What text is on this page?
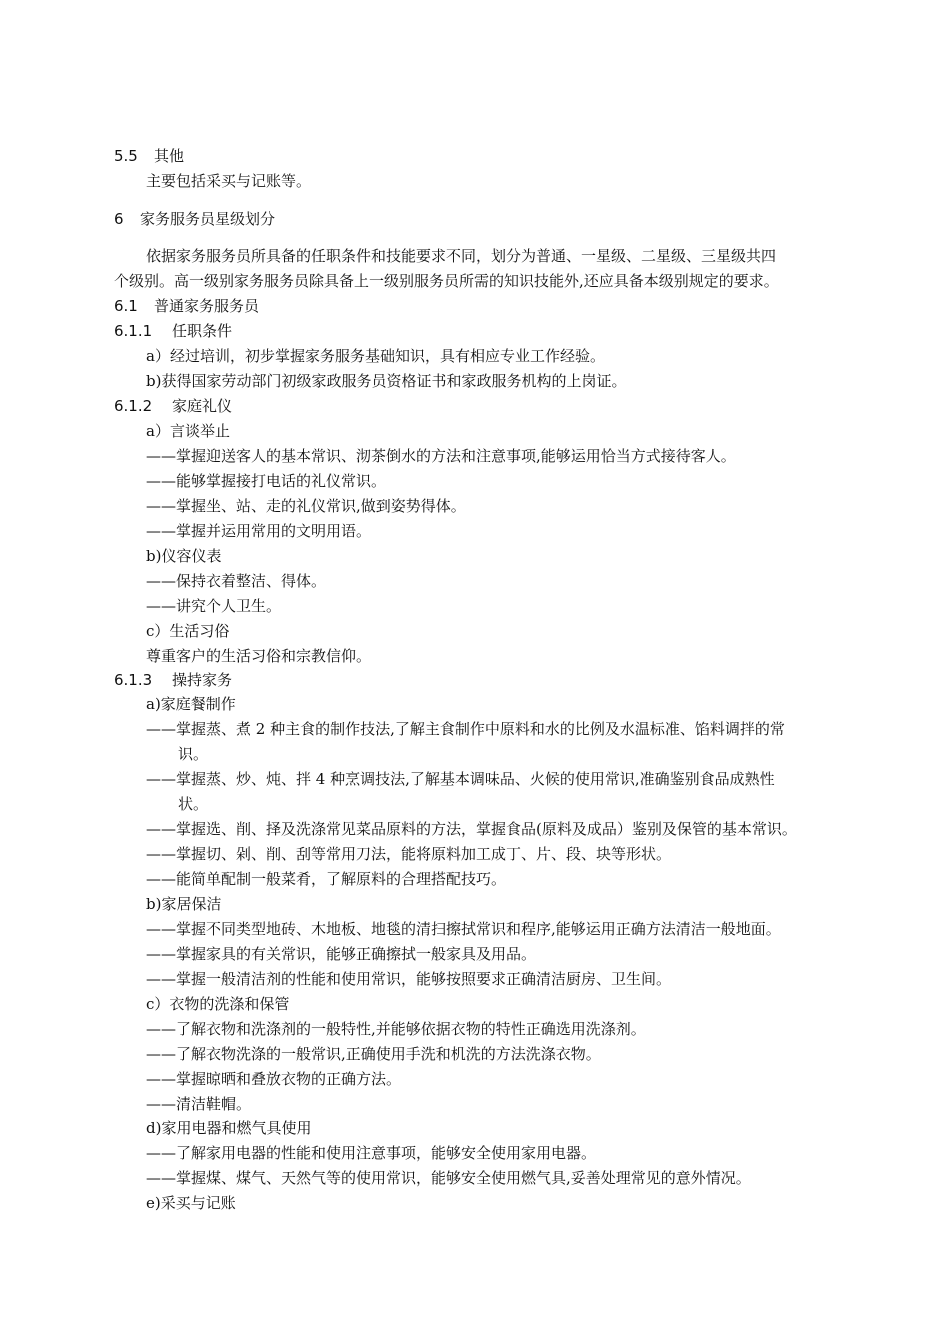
5.5 其他
主要包括采买与记账等。
6 家务服务员星级划分
依据家务服务员所具备的任职条件和技能要求不同，划分为普通、一星级、二星级、三星级共四
个级别。高一级别家务服务员除具备上一级别服务员所需的知识技能外,还应具备本级别规定的要求。
6.1 普通家务服务员
6.1.1 任职条件
a）经过培训，初步掌握家务服务基础知识，具有相应专业工作经验。
b)获得国家劳动部门初级家政服务员资格证书和家政服务机构的上岗证。
6.1.2 家庭礼仪
a）言谈举止
——掌握迎送客人的基本常识、沏茶倒水的方法和注意事项,能够运用恰当方式接待客人。
——能够掌握接打电话的礼仪常识。
——掌握坐、站、走的礼仪常识,做到姿势得体。
——掌握并运用常用的文明用语。
b)仪容仪表
——保持衣着整洁、得体。
——讲究个人卫生。
c）生活习俗
尊重客户的生活习俗和宗教信仰。
6.1.3 操持家务
a)家庭餐制作
——掌握蒸、煮 2 种主食的制作技法,了解主食制作中原料和水的比例及水温标准、馅料调拌的常
识。
——掌握蒸、炒、炖、拌 4 种烹调技法,了解基本调味品、火候的使用常识,准确鉴别食品成熟性
状。
——掌握选、削、择及洗涤常见菜品原料的方法，掌握食品(原料及成品）鉴别及保管的基本常识。
——掌握切、剁、削、刮等常用刀法，能将原料加工成丁、片、段、块等形状。
——能简单配制一般菜肴，了解原料的合理搭配技巧。
b)家居保洁
——掌握不同类型地砖、木地板、地毯的清扫擦拭常识和程序,能够运用正确方法清洁一般地面。
——掌握家具的有关常识，能够正确擦拭一般家具及用品。
——掌握一般清洁剂的性能和使用常识，能够按照要求正确清洁厨房、卫生间。
c）衣物的洗涤和保管
——了解衣物和洗涤剂的一般特性,并能够依据衣物的特性正确选用洗涤剂。
——了解衣物洗涤的一般常识,正确使用手洗和机洗的方法洗涤衣物。
——掌握晾晒和叠放衣物的正确方法。
——清洁鞋帽。
d)家用电器和燃气具使用
——了解家用电器的性能和使用注意事项，能够安全使用家用电器。
——掌握煤、煤气、天然气等的使用常识，能够安全使用燃气具,妥善处理常见的意外情况。
e)采买与记账
